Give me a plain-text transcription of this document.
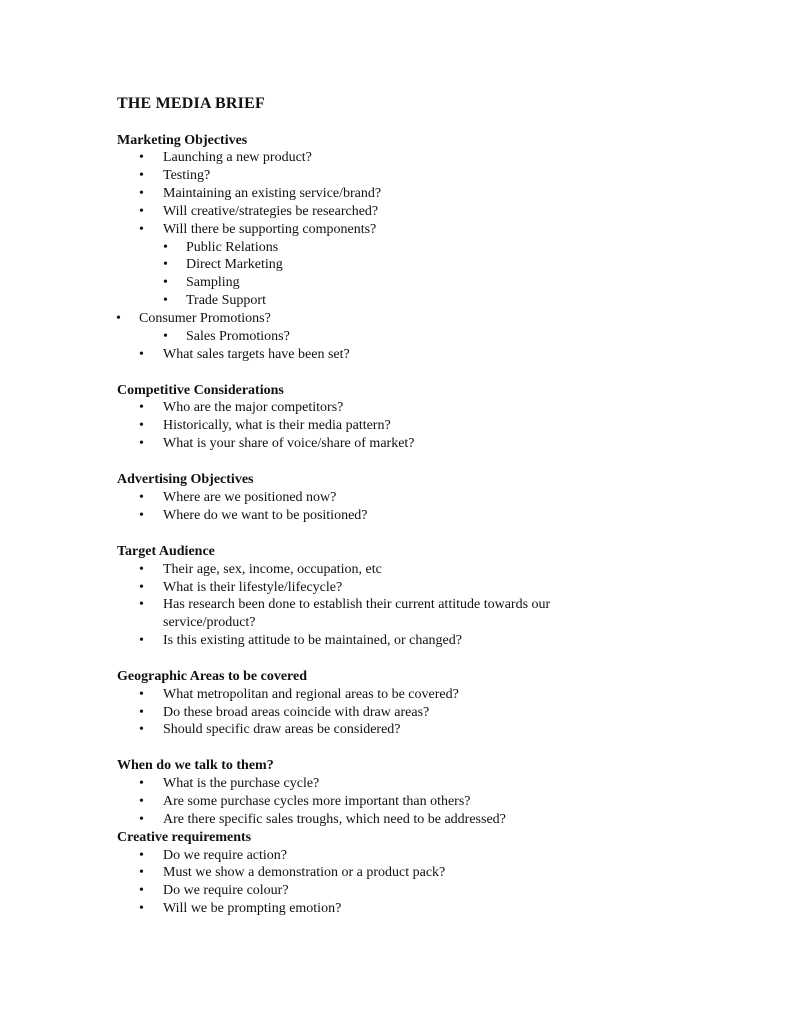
THE MEDIA BRIEF
Marketing Objectives
• Launching a new product?
• Testing?
• Maintaining an existing service/brand?
• Will creative/strategies be researched?
• Will there be supporting components?
• Public Relations
• Direct Marketing
• Sampling
• Trade Support
• Consumer Promotions?
• Sales Promotions?
• What sales targets have been set?
Competitive Considerations
• Who are the major competitors?
• Historically, what is their media pattern?
• What is your share of voice/share of market?
Advertising Objectives
• Where are we positioned now?
• Where do we want to be positioned?
Target Audience
• Their age, sex, income, occupation, etc
• What is their lifestyle/lifecycle?
• Has research been done to establish their current attitude towards our
service/product?
• Is this existing attitude to be maintained, or changed?
Geographic Areas to be covered
• What metropolitan and regional areas to be covered?
• Do these broad areas coincide with draw areas?
• Should specific draw areas be considered?
When do we talk to them?
• What is the purchase cycle?
• Are some purchase cycles more important than others?
• Are there specific sales troughs, which need to be addressed?
Creative requirements
• Do we require action?
• Must we show a demonstration or a product pack?
• Do we require colour?
• Will we be prompting emotion?
